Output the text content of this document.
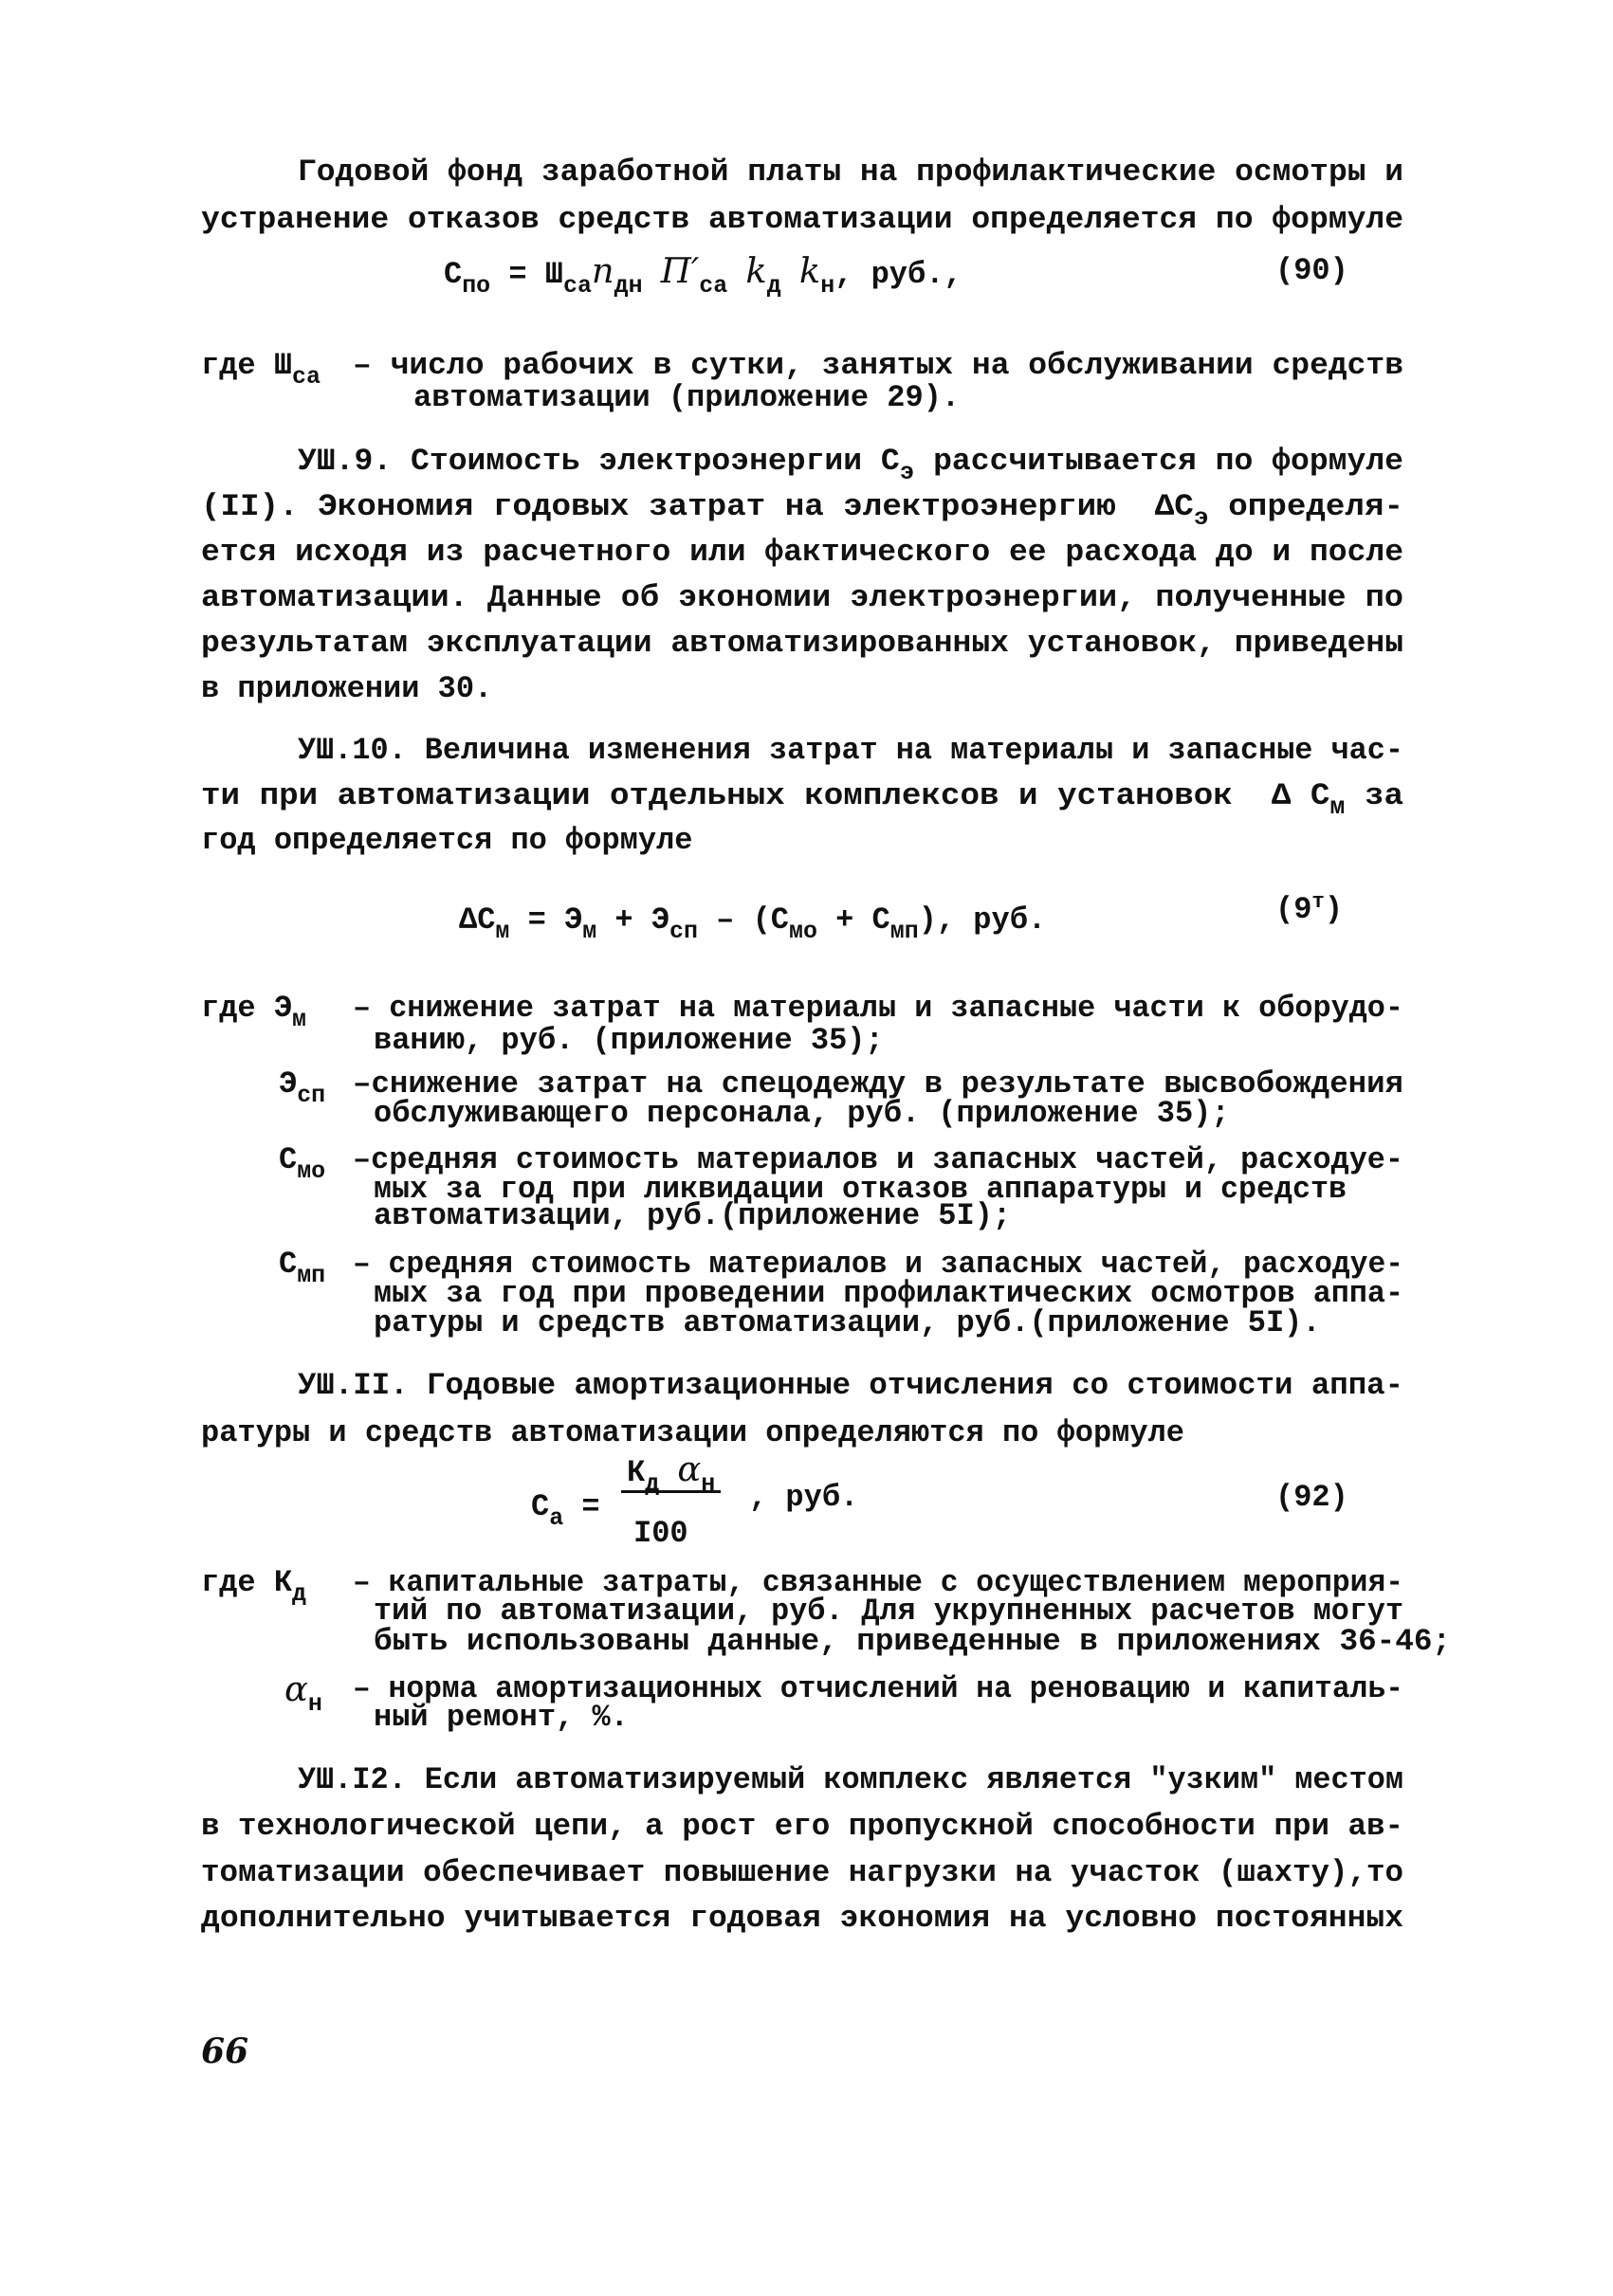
Годовой фонд заработной платы на профилактические осмотры и
устранение отказов средств автоматизации определяется по формуле
$С_{по} = Ш_{са}п_{дн}$ $П'_{са}$ $k_д$ $k_н$, руб.,	(90)
где $Ш_{са}$ – число рабочих в сутки, занятых на обслуживании средств
автоматизации (приложение 29).
УШ.9. Стоимость электроэнергии $С_э$ рассчитывается по формуле
(II). Экономия годовых затрат на электроэнергию  $\Delta С_э$ определя-
ется исходя из расчетного или фактического ее расхода до и после
автоматизации. Данные об экономии электроэнергии, полученные по
результатам эксплуатации автоматизированных установок, приведены
в приложении 30.
УШ.10. Величина изменения затрат на материалы и запасные час-
ти при автоматизации отдельных комплексов и установок  Δ $С_м$ за
год определяется по формуле
$\Delta С_м = Э_м + Э_{сп} - (С_{мо} + С_{мп})$, руб.	$(9^т)$
где $Э_м$ – снижение затрат на материалы и запасные части к оборудо-
ванию, руб. (приложение 35);
$Э_{сп}$ –снижение затрат на спецодежду в результате высвобождения
обслуживающего персонала, руб. (приложение 35);
$С_{мо}$ –средняя стоимость материалов и запасных частей, расходуе-
мых за год при ликвидации отказов аппаратуры и средств
автоматизации, руб.(приложение 5I);
$С_{мп}$ – средняя стоимость материалов и запасных частей, расходуе-
мых за год при проведении профилактических осмотров аппа-
ратуры и средств автоматизации, руб.(приложение 5I).
УШ.II. Годовые амортизационные отчисления со стоимости аппа-
ратуры и средств автоматизации определяются по формуле
$С_а$ =
$К_д$ $\alpha_н$
I00
, руб.	(92)
где $К_д$ – капитальные затраты, связанные с осуществлением мероприя-
тий по автоматизации, руб. Для укрупненных расчетов могут
быть использованы данные, приведенные в приложениях 36-46;
$\alpha_н$ – норма амортизационных отчислений на реновацию и капиталь-
ный ремонт, %.
УШ.I2. Если автоматизируемый комплекс является "узким" местом
в технологической цепи, а рост его пропускной способности при ав-
томатизации обеспечивает повышение нагрузки на участок (шахту),то
дополнительно учитывается годовая экономия на условно постоянных
66
